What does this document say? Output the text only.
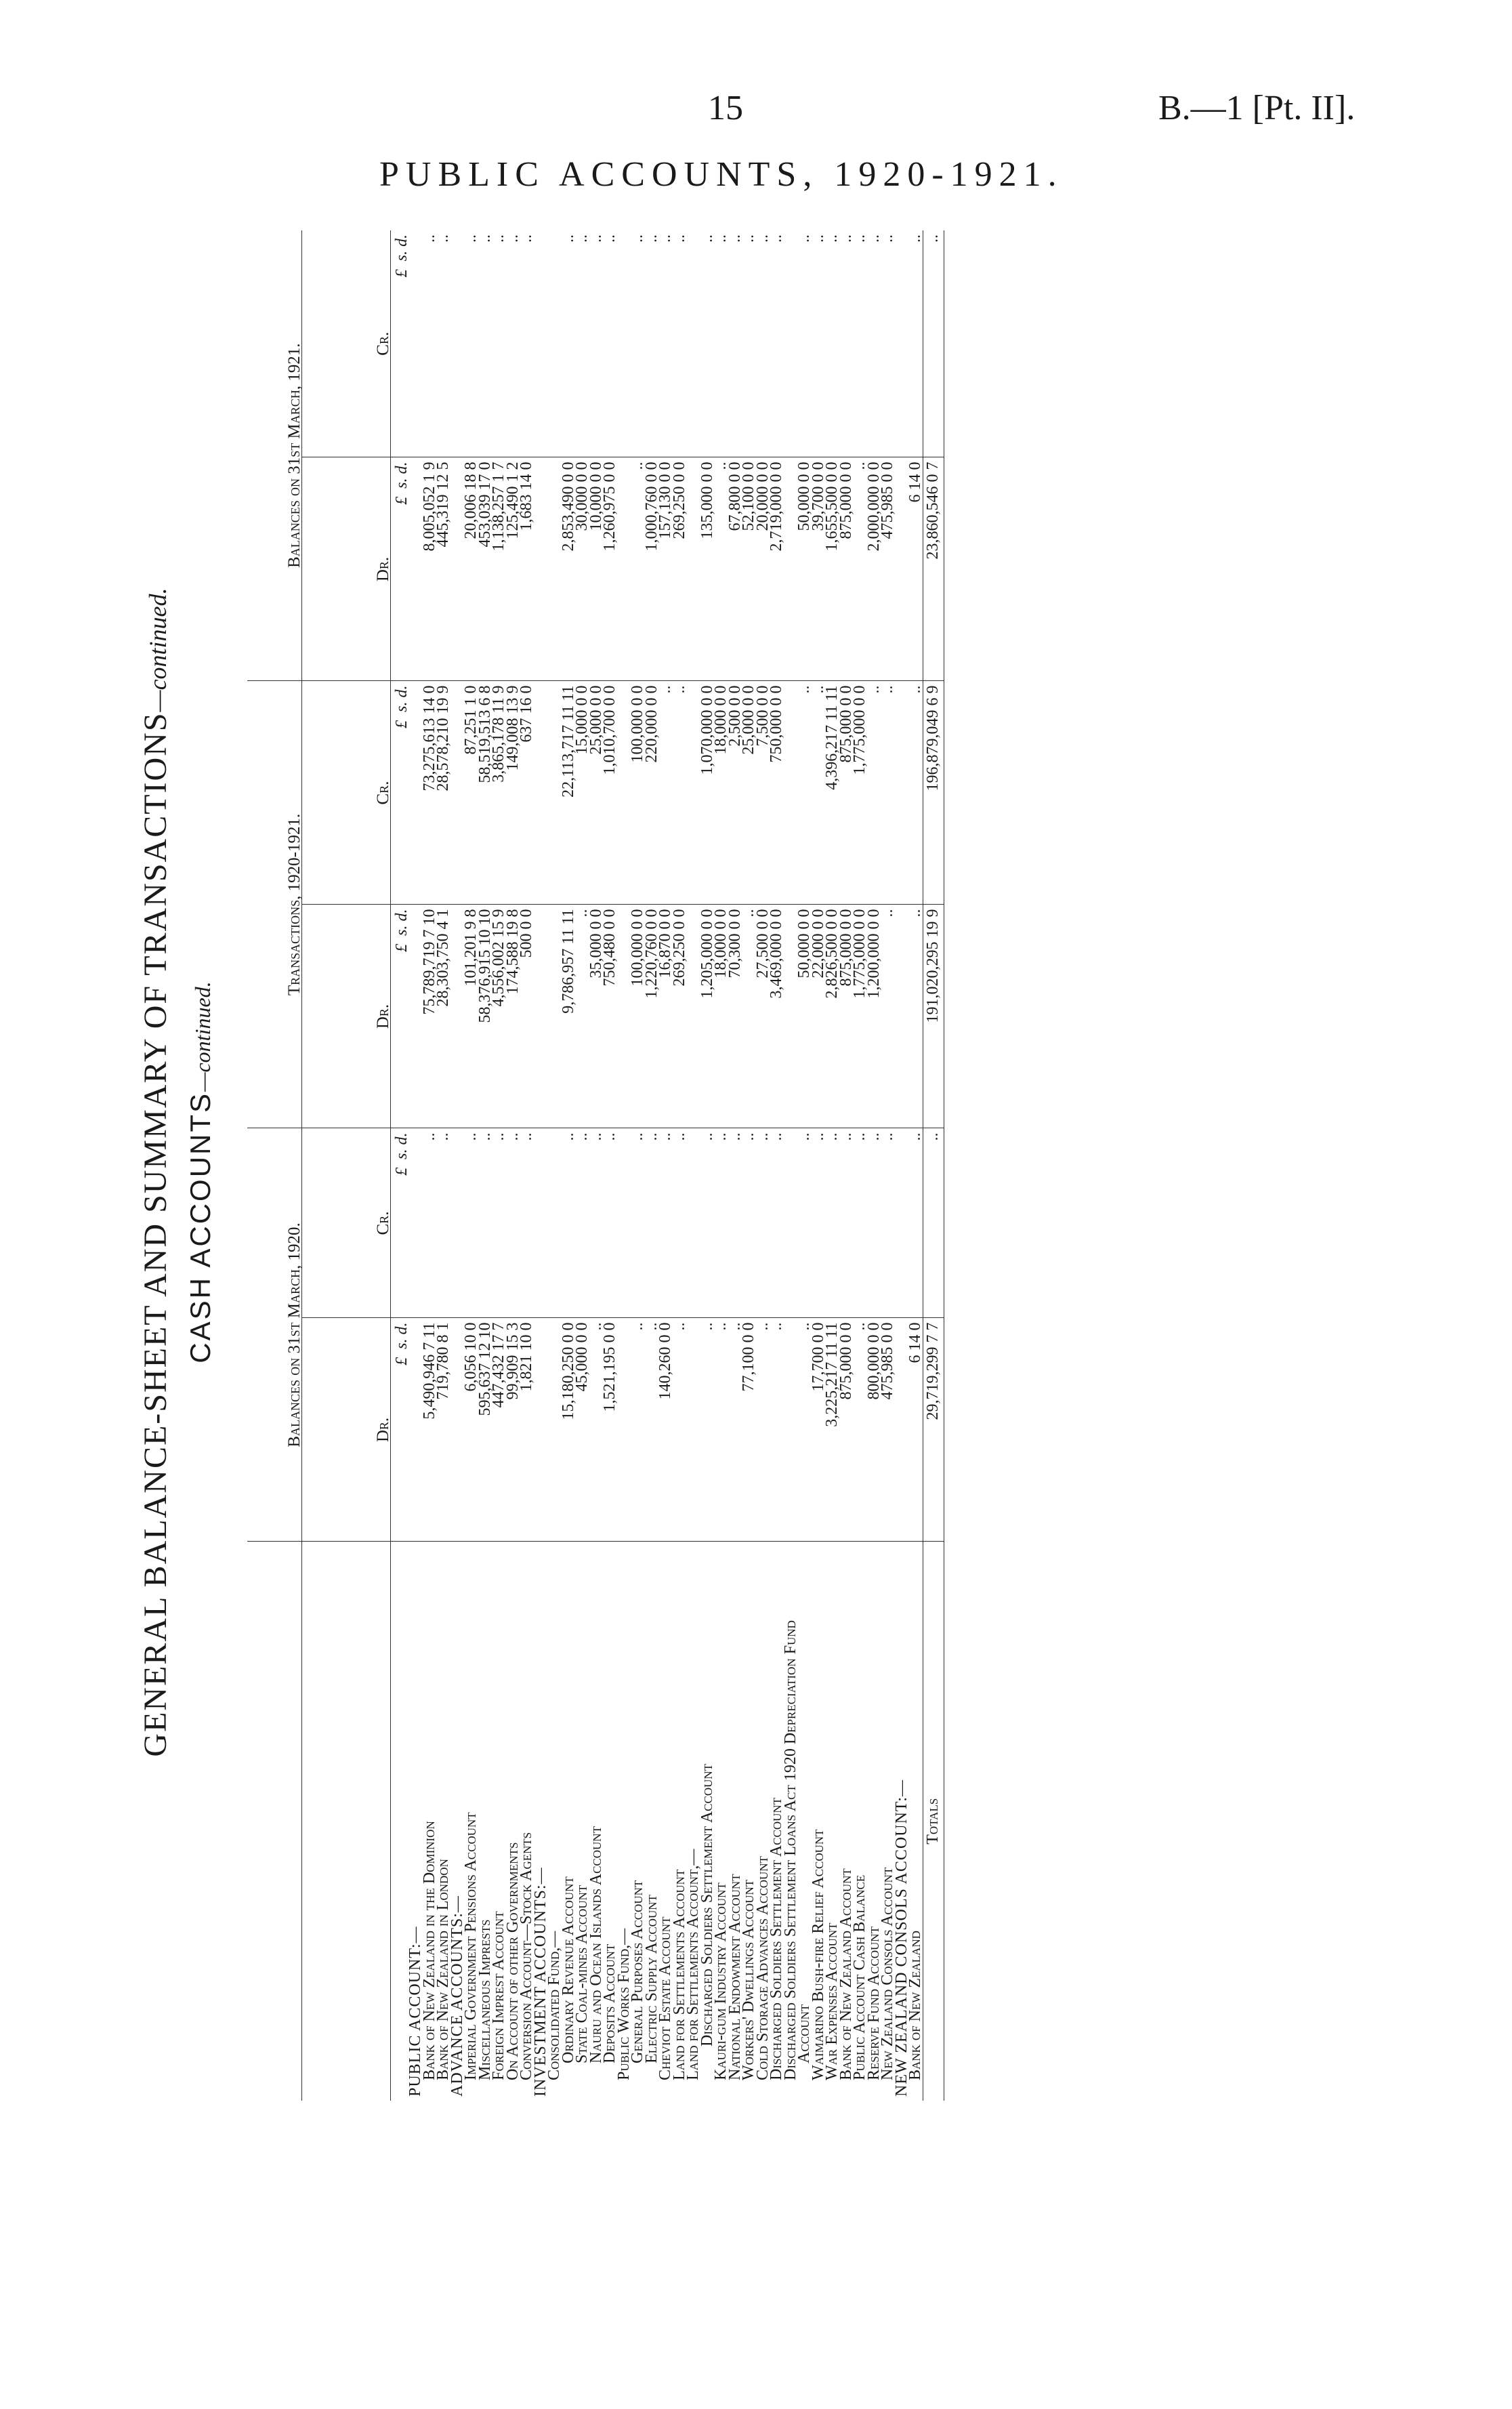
15	B.—1 [Pt. II].
PUBLIC ACCOUNTS, 1920-1921.
GENERAL BALANCE-SHEET AND SUMMARY OF TRANSACTIONS—continued.
CASH ACCOUNTS—continued.
		Balances on 31st March, 1920.		Transactions, 1920-1921.		Balances on 31st March, 1921.	
		Dr.	Cr.	Dr.	Cr.	Dr.	Cr.
		£  s. d.	£  s. d.	£  s. d.	£  s. d.	£  s. d.	£  s. d.
PUBLIC ACCOUNT:—							
Bank of New Zealand in the Dominion		5,490,946 7 11	..	75,789,719 7 10	73,275,613 14 0	8,005,052 1 9	..
Bank of New Zealand in London		719,780 8 1	..	28,303,750 4 1	28,578,210 19 9	445,319 12 5	..
ADVANCE ACCOUNTS:—							
Imperial Government Pensions Account		6,056 10 0	..	101,201 9 8	87,251 1 0	20,006 18 8	..
Miscellaneous Imprests		595,637 12 10	..	58,376,915 10 10	58,519,513 6 8	453,039 17 0	..
Foreign Imprest Account		447,432 17 7	..	4,556,002 15 9	3,865,178 11 9	1,138,257 1 7	..
On Account of other Governments		99,909 15 3	..	174,588 19 8	149,008 13 9	125,490 1 2	..
Conversion Account—Stock Agents		1,821 10 0	..	500 0 0	637 16 0	1,683 14 0	..
INVESTMENT ACCOUNTS:—							
Consolidated Fund,—							
Ordinary Revenue Account		15,180,250 0 0	..	9,786,957 11 11	22,113,717 11 11	2,853,490 0 0	..
State Coal-mines Account		45,000 0 0	..	..	15,000 0 0	30,000 0 0	..
Nauru and Ocean Islands Account		..	..	35,000 0 0	25,000 0 0	10,000 0 0	..
Deposits Account		1,521,195 0 0	..	750,480 0 0	1,010,700 0 0	1,260,975 0 0	..
Public Works Fund,—							
General Purposes Account		..	..	100,000 0 0	100,000 0 0	..	..
Electric Supply Account		..	..	1,220,760 0 0	220,000 0 0	1,000,760 0 0	..
Cheviot Estate Account		140,260 0 0	..	16,870 0 0	..	157,130 0 0	..
Land for Settlements Account		..	..	269,250 0 0	..	269,250 0 0	..
Land for Settlements Account,—							
Discharged Soldiers Settlement Account		..	..	1,205,000 0 0	1,070,000 0 0	135,000 0 0	..
Kauri-gum Industry Account		..	..	18,000 0 0	18,000 0 0	..	..
National Endowment Account		..	..	70,300 0 0	2,500 0 0	67,800 0 0	..
Workers' Dwellings Account		77,100 0 0	..	..	25,000 0 0	52,100 0 0	..
Cold Storage Advances Account		..	..	27,500 0 0	7,500 0 0	20,000 0 0	..
Discharged Soldiers Settlement Account		..	..	3,469,000 0 0	750,000 0 0	2,719,000 0 0	..
Discharged Soldiers Settlement Loans Act 1920 Depreciation Fund							
Account		..	..	50,000 0 0	..	50,000 0 0	..
Waimarino Bush-fire Relief Account		17,700 0 0	..	22,000 0 0	..	39,700 0 0	..
War Expenses Account		3,225,217 11 11	..	2,826,500 0 0	4,396,217 11 11	1,655,500 0 0	..
Bank of New Zealand Account		875,000 0 0	..	875,000 0 0	875,000 0 0	875,000 0 0	..
Public Account Cash Balance		..	..	1,775,000 0 0	1,775,000 0 0	..	..
Reserve Fund Account		800,000 0 0	..	1,200,000 0 0	..	2,000,000 0 0	..
New Zealand Consols Account		475,985 0 0	..	..	..	475,985 0 0	..
NEW ZEALAND CONSOLS ACCOUNT:—							
Bank of New Zealand		6 14 0	..	..	..	6 14 0	..
Totals		29,719,299 7 7	..	191,020,295 19 9	196,879,049 6 9	23,860,546 0 7	..
